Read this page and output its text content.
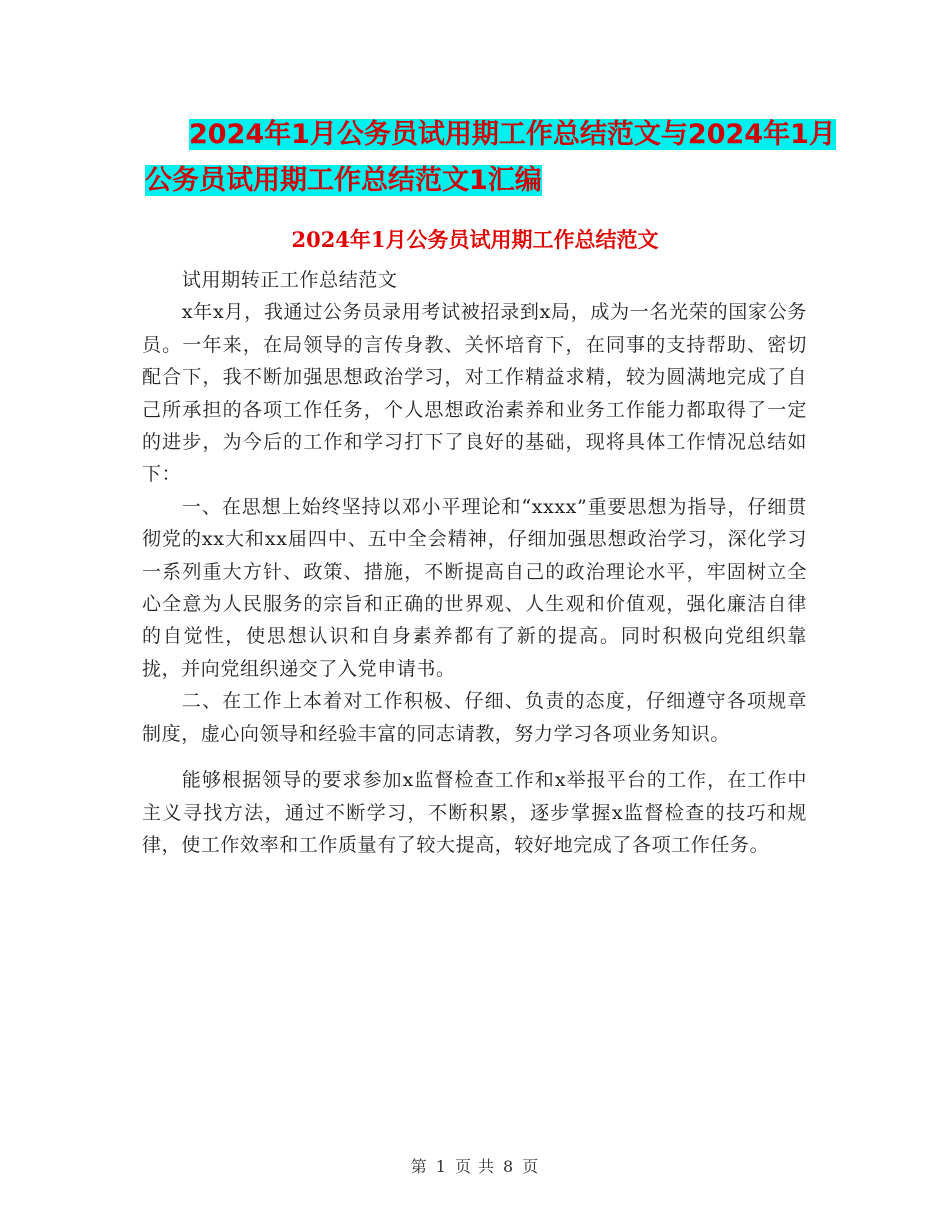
2024年1月公务员试用期工作总结范文与2024年1月
公务员试用期工作总结范文1汇编
2024年1月公务员试用期工作总结范文

试用期转正工作总结范文

x年x月，我通过公务员录用考试被招录到x局，成为一名光荣的国家公务员。一年来，在局领导的言传身教、关怀培育下，在同事的支持帮助、密切配合下，我不断加强思想政治学习，对工作精益求精，较为圆满地完成了自己所承担的各项工作任务，个人思想政治素养和业务工作能力都取得了一定的进步，为今后的工作和学习打下了良好的基础，现将具体工作情况总结如下：

一、在思想上始终坚持以邓小平理论和“xxxx”重要思想为指导，仔细贯彻党的xx大和xx届四中、五中全会精神，仔细加强思想政治学习，深化学习一系列重大方针、政策、措施，不断提高自己的政治理论水平，牢固树立全心全意为人民服务的宗旨和正确的世界观、人生观和价值观，强化廉洁自律的自觉性，使思想认识和自身素养都有了新的提高。同时积极向党组织靠拢，并向党组织递交了入党申请书。

二、在工作上本着对工作积极、仔细、负责的态度，仔细遵守各项规章制度，虚心向领导和经验丰富的同志请教，努力学习各项业务知识。

能够根据领导的要求参加x监督检查工作和x举报平台的工作，在工作中主义寻找方法，通过不断学习，不断积累，逐步掌握x监督检查的技巧和规律，使工作效率和工作质量有了较大提高，较好地完成了各项工作任务。

第 1 页 共 8 页
